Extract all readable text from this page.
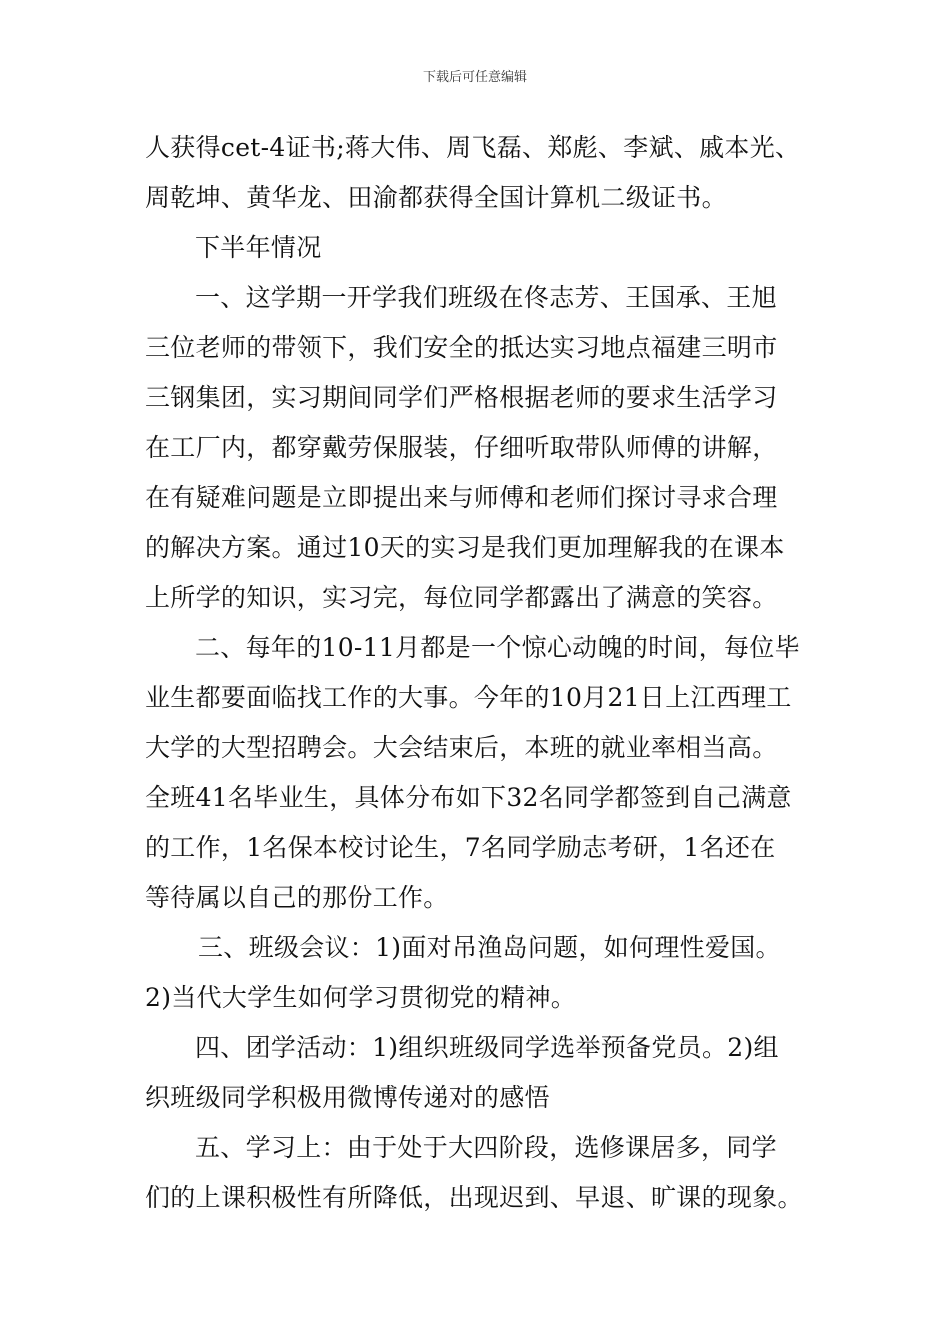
下载后可任意编辑
人获得cet-4证书;蒋大伟、周飞磊、郑彪、李斌、戚本光、
周乾坤、黄华龙、田渝都获得全国计算机二级证书。
下半年情况
一、这学期一开学我们班级在佟志芳、王国承、王旭
三位老师的带领下，我们安全的抵达实习地点福建三明市
三钢集团，实习期间同学们严格根据老师的要求生活学习
在工厂内，都穿戴劳保服装，仔细听取带队师傅的讲解，
在有疑难问题是立即提出来与师傅和老师们探讨寻求合理
的解决方案。通过10天的实习是我们更加理解我的在课本
上所学的知识，实习完，每位同学都露出了满意的笑容。
二、每年的10-11月都是一个惊心动魄的时间，每位毕
业生都要面临找工作的大事。今年的10月21日上江西理工
大学的大型招聘会。大会结束后，本班的就业率相当高。
全班41名毕业生，具体分布如下32名同学都签到自己满意
的工作，1名保本校讨论生，7名同学励志考研，1名还在
等待属以自己的那份工作。
三、班级会议：1)面对吊渔岛问题，如何理性爱国。
2)当代大学生如何学习贯彻党的精神。
四、团学活动：1)组织班级同学选举预备党员。2)组
织班级同学积极用微博传递对的感悟
五、学习上：由于处于大四阶段，选修课居多，同学
们的上课积极性有所降低，出现迟到、早退、旷课的现象。
